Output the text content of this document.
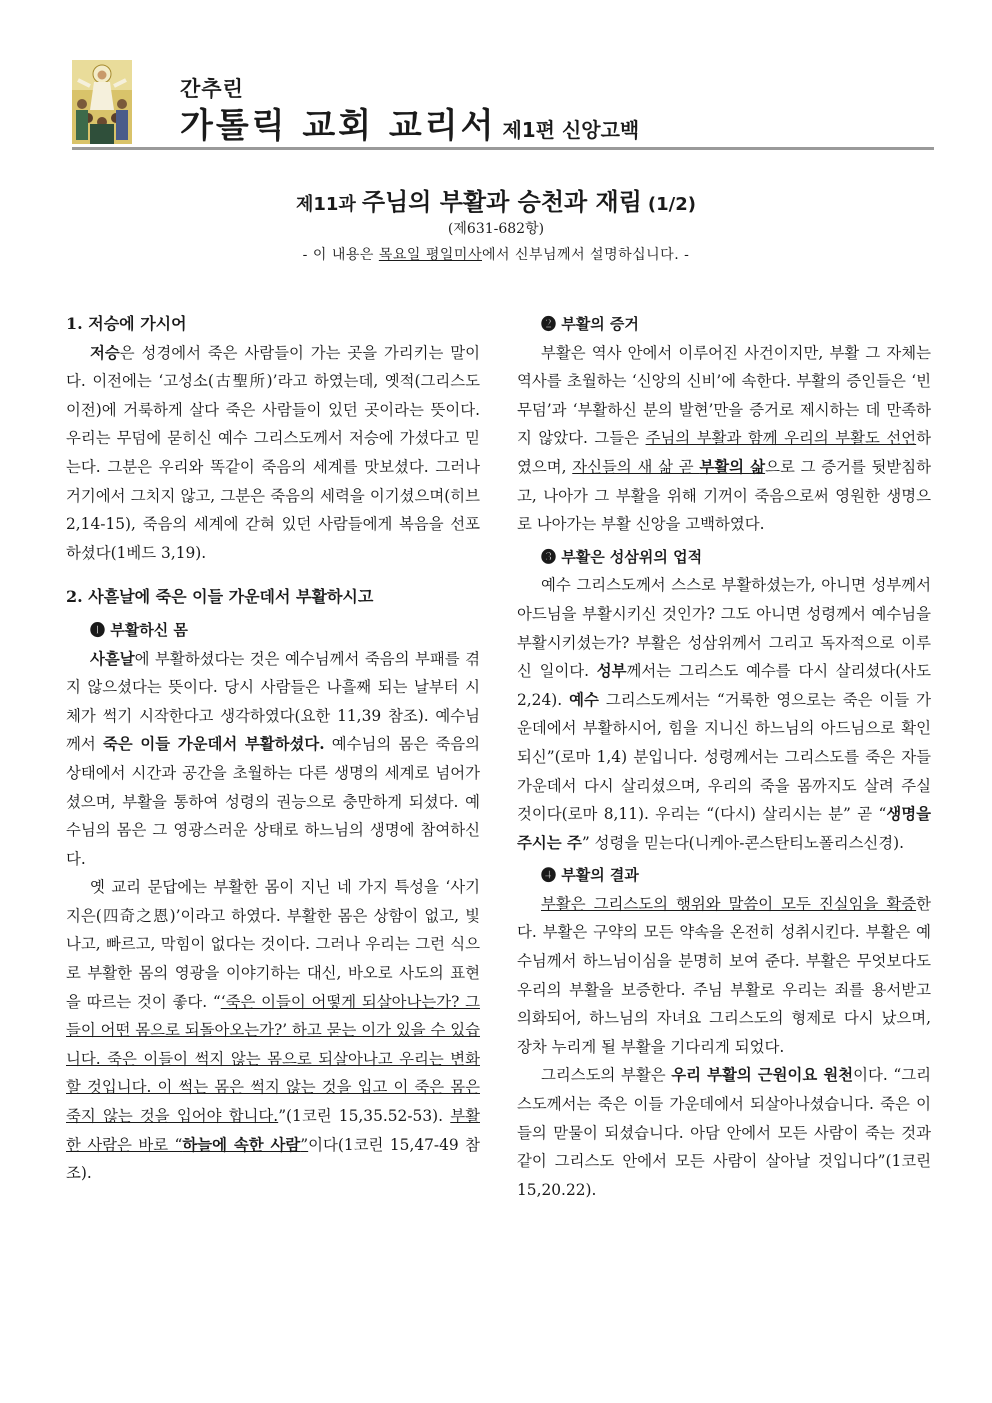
간추린
가톨릭 교회 교리서 제1편 신앙고백
제11과 주님의 부활과 승천과 재림 (1/2)
(제631-682항)
- 이 내용은 목요일 평일미사에서 신부님께서 설명하십니다. -

1. 저승에 가시어

저승은 성경에서 죽은 사람들이 가는 곳을 가리키는 말이다. 이전에는 ‘고성소(古聖所)’라고 하였는데, 옛적(그리스도 이전)에 거룩하게 살다 죽은 사람들이 있던 곳이라는 뜻이다. 우리는 무덤에 묻히신 예수 그리스도께서 저승에 가셨다고 믿는다. 그분은 우리와 똑같이 죽음의 세계를 맛보셨다. 그러나 거기에서 그치지 않고, 그분은 죽음의 세력을 이기셨으며(히브 2,14-15), 죽음의 세계에 갇혀 있던 사람들에게 복음을 선포하셨다(1베드 3,19).

2. 사흗날에 죽은 이들 가운데서 부활하시고

❶ 부활하신 몸

사흗날에 부활하셨다는 것은 예수님께서 죽음의 부패를 겪지 않으셨다는 뜻이다. 당시 사람들은 나흘째 되는 날부터 시체가 썩기 시작한다고 생각하였다(요한 11,39 참조). 예수님께서 죽은 이들 가운데서 부활하셨다. 예수님의 몸은 죽음의 상태에서 시간과 공간을 초월하는 다른 생명의 세계로 넘어가셨으며, 부활을 통하여 성령의 권능으로 충만하게 되셨다. 예수님의 몸은 그 영광스러운 상태로 하느님의 생명에 참여하신다.

옛 교리 문답에는 부활한 몸이 지닌 네 가지 특성을 ‘사기지은(四奇之恩)’이라고 하였다. 부활한 몸은 상함이 없고, 빛나고, 빠르고, 막힘이 없다는 것이다. 그러나 우리는 그런 식으로 부활한 몸의 영광을 이야기하는 대신, 바오로 사도의 표현을 따르는 것이 좋다. “‘죽은 이들이 어떻게 되살아나는가? 그들이 어떤 몸으로 되돌아오는가?’ 하고 묻는 이가 있을 수 있습니다. 죽은 이들이 썩지 않는 몸으로 되살아나고 우리는 변화할 것입니다. 이 썩는 몸은 썩지 않는 것을 입고 이 죽은 몸은 죽지 않는 것을 입어야 합니다.”(1코린 15,35.52-53). 부활한 사람은 바로 “하늘에 속한 사람”이다(1코린 15,47-49 참조).

❷ 부활의 증거

부활은 역사 안에서 이루어진 사건이지만, 부활 그 자체는 역사를 초월하는 ‘신앙의 신비’에 속한다. 부활의 증인들은 ‘빈 무덤’과 ‘부활하신 분의 발현’만을 증거로 제시하는 데 만족하지 않았다. 그들은 주님의 부활과 함께 우리의 부활도 선언하였으며, 자신들의 새 삶 곧 부활의 삶으로 그 증거를 뒷받침하고, 나아가 그 부활을 위해 기꺼이 죽음으로써 영원한 생명으로 나아가는 부활 신앙을 고백하였다.

❸ 부활은 성삼위의 업적

예수 그리스도께서 스스로 부활하셨는가, 아니면 성부께서 아드님을 부활시키신 것인가? 그도 아니면 성령께서 예수님을 부활시키셨는가? 부활은 성삼위께서 그리고 독자적으로 이루신 일이다. 성부께서는 그리스도 예수를 다시 살리셨다(사도 2,24). 예수 그리스도께서는 “거룩한 영으로는 죽은 이들 가운데에서 부활하시어, 힘을 지니신 하느님의 아드님으로 확인되신”(로마 1,4) 분입니다. 성령께서는 그리스도를 죽은 자들 가운데서 다시 살리셨으며, 우리의 죽을 몸까지도 살려 주실 것이다(로마 8,11). 우리는 “(다시) 살리시는 분” 곧 “생명을 주시는 주” 성령을 믿는다(니케아-콘스탄티노폴리스신경).

❹ 부활의 결과

부활은 그리스도의 행위와 말씀이 모두 진실임을 확증한다. 부활은 구약의 모든 약속을 온전히 성취시킨다. 부활은 예수님께서 하느님이심을 분명히 보여 준다. 부활은 무엇보다도 우리의 부활을 보증한다. 주님 부활로 우리는 죄를 용서받고 의화되어, 하느님의 자녀요 그리스도의 형제로 다시 났으며, 장차 누리게 될 부활을 기다리게 되었다.

그리스도의 부활은 우리 부활의 근원이요 원천이다. “그리스도께서는 죽은 이들 가운데에서 되살아나셨습니다. 죽은 이들의 맏물이 되셨습니다. 아담 안에서 모든 사람이 죽는 것과 같이 그리스도 안에서 모든 사람이 살아날 것입니다”(1코린 15,20.22).
